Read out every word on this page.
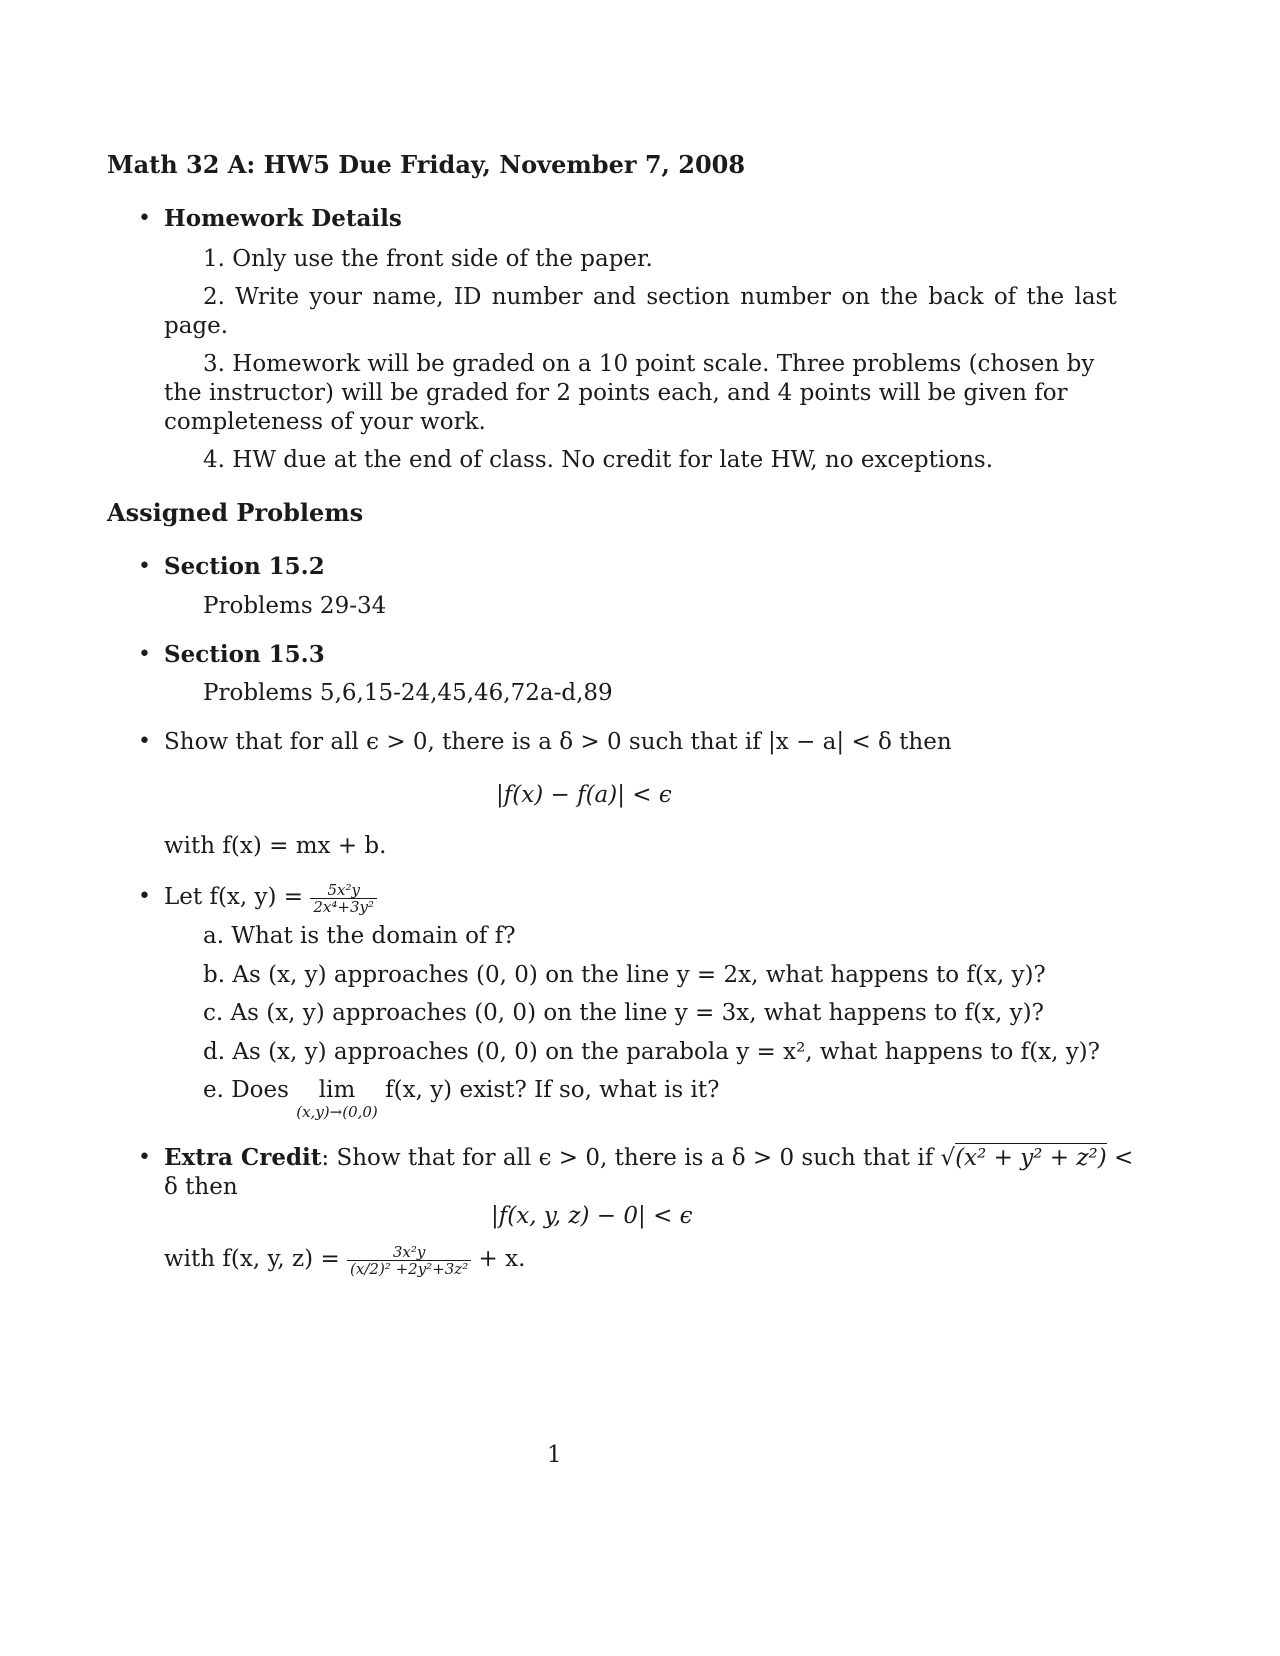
Math 32 A: HW5 Due Friday, November 7, 2008
• Homework Details
1. Only use the front side of the paper.
2. Write your name, ID number and section number on the back of the last
page.
3. Homework will be graded on a 10 point scale. Three problems (chosen by
the instructor) will be graded for 2 points each, and 4 points will be given for
completeness of your work.
4. HW due at the end of class. No credit for late HW, no exceptions.
Assigned Problems
• Section 15.2
Problems 29-34
• Section 15.3
Problems 5,6,15-24,45,46,72a-d,89
• Show that for all ϵ > 0, there is a δ > 0 such that if |x − a| < δ then
|f(x) − f(a)| < ϵ
with f(x) = mx + b.
• Let f(x, $y) = \frac{\text{5x²y}}{\text{2x⁴+3y²}}$
a. What is the domain of f?
b. As (x, y) approaches (0, 0) on the line y = 2x, what happens to f(x, y)?
c. As (x, y) approaches (0, 0) on the line y = 3x, what happens to f(x, y)?
d. As (x, y) approaches (0, 0) on the parabola y = x², what happens to f(x, y)?
e. Does lim
(x,y)→(0,0)
f(x, y) exist? If so, what is it?
• Extra Credit: Show that for all ϵ > 0, there is a δ > 0 such that if √(x² + y² + z²) <
δ then
|f(x, y, z) − 0| < ϵ
with f(x, y, $z) = \frac{\text{3x²y}}{\text{(x/2)² +2y²+3z²}} + x$.
1
